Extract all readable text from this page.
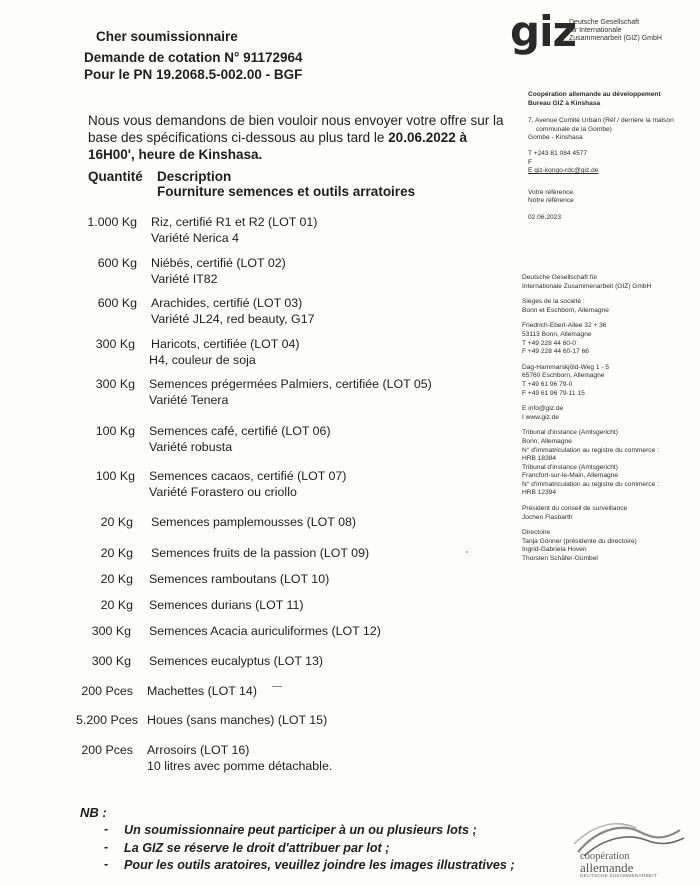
Cher soumissionnaire
Demande de cotation N° 91172964
Pour le PN 19.2068.5-002.00 - BGF
giz
Deutsche Gesellschaft
für Internationale
Zusammenarbeit (GIZ) GmbH
Coopération allemande au développement
Bureau GIZ à Kinshasa
7, Avenue Comité Urbain (Réf / derrière la maison
communale de la Gombe)
Gombe - Kinshasa
T +243 81 084 4577
F
E giz-kongo-rdc@giz.de
Votre référence
Notre référence
02.06.2023
Deutsche Gesellschaft für
Internationale Zusammenarbeit (GIZ) GmbH
Sièges de la société :
Bonn et Eschborn, Allemagne
Friedrich-Ebert-Allee 32 + 36
53113 Bonn, Allemagne
T +49 228 44 60-0
F +49 228 44 60-17 66
Dag-Hammarskjöld-Weg 1 - 5
65760 Eschborn, Allemagne
T +49 61 96 79-0
F +49 61 96 79-11 15
E info@giz.de
I www.giz.de
Tribunal d'instance (Amtsgericht)
Bonn, Allemagne
N° d'immatriculation au registre du commerce :
HRB 18384
Tribunal d'instance (Amtsgericht)
Francfort-sur-le-Main, Allemagne
N° d'immatriculation au registre du commerce :
HRB 12394
Président du conseil de surveillance
Jochen Flasbarth
Directoire
Tanja Gönner (présidente du directoire)
Ingrid-Gabriela Hoven
Thorsten Schäfer-Gümbel
Nous vous demandons de bien vouloir nous envoyer votre offre sur la base des spécifications ci-dessous au plus tard le 20.06.2022 à 16H00', heure de Kinshasa.
Quantité Description
Fourniture semences et outils arratoires
1.000 Kg Riz, certifié R1 et R2 (LOT 01)
Variété Nerica 4
600 Kg Niébés, certifié (LOT 02)
Variété IT82
600 Kg Arachides, certifié (LOT 03)
Variété JL24, red beauty, G17
300 Kg Haricots, certifiée (LOT 04)
H4, couleur de soja
300 Kg Semences prégermées Palmiers, certifiée (LOT 05)
Variété Tenera
100 Kg Semences café, certifié (LOT 06)
Variété robusta
100 Kg Semences cacaos, certifié (LOT 07)
Variété Forastero ou criollo
20 Kg Semences pamplemousses (LOT 08)
20 Kg Semences fruits de la passion (LOT 09)
20 Kg Semences ramboutans (LOT 10)
20 Kg Semences durians (LOT 11)
300 Kg Semences Acacia auriculiformes (LOT 12)
300 Kg Semences eucalyptus (LOT 13)
200 Pces Machettes (LOT 14)
5.200 Pces Houes (sans manches) (LOT 15)
200 Pces Arrosoirs (LOT 16)
10 litres avec pomme détachable.
NB :
- Un soumissionnaire peut participer à un ou plusieurs lots ;
- La GIZ se réserve le droit d'attribuer par lot ;
- Pour les outils aratoires, veuillez joindre les images illustratives ;
coopération
allemande
DEUTSCHE ZUSAMMENARBEIT
